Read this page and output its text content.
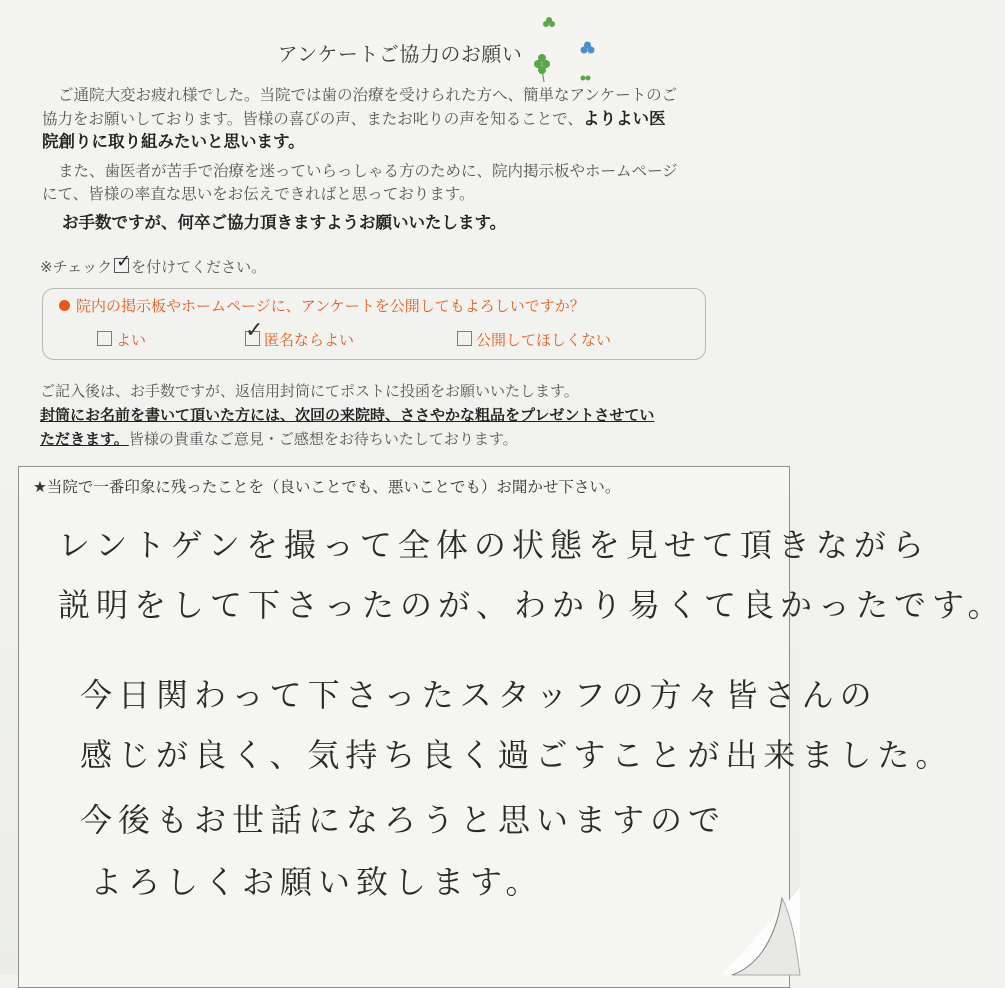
アンケートご協力のお願い
ご通院大変お疲れ様でした。当院では歯の治療を受けられた方へ、簡単なアンケートのご
協力をお願いしております。皆様の喜びの声、またお叱りの声を知ることで、よりよい医
院創りに取り組みたいと思います。
また、歯医者が苦手で治療を迷っていらっしゃる方のために、院内掲示板やホームページ
にて、皆様の率直な思いをお伝えできればと思っております。
お手数ですが、何卒ご協力頂きますようお願いいたします。
※チェック ✓ を付けてください。
院内の掲示板やホームページに、アンケートを公開してもよろしいですか？
よい	✓ 匿名ならよい	公開してほしくない
ご記入後は、お手数ですが、返信用封筒にてポストに投函をお願いいたします。
封筒にお名前を書いて頂いた方には、次回の来院時、ささやかな粗品をプレゼントさせてい
ただきます。皆様の貴重なご意見・ご感想をお待ちいたしております。
★当院で一番印象に残ったことを（良いことでも、悪いことでも）お聞かせ下さい。
レントゲンを撮って全体の状態を見せて頂きながら
説明をして下さったのが、わかり易くて良かったです。
今日関わって下さったスタッフの方々皆さんの
感じが良く、気持ち良く過ごすことが出来ました。
今後もお世話になろうと思いますので
よろしくお願い致します。
